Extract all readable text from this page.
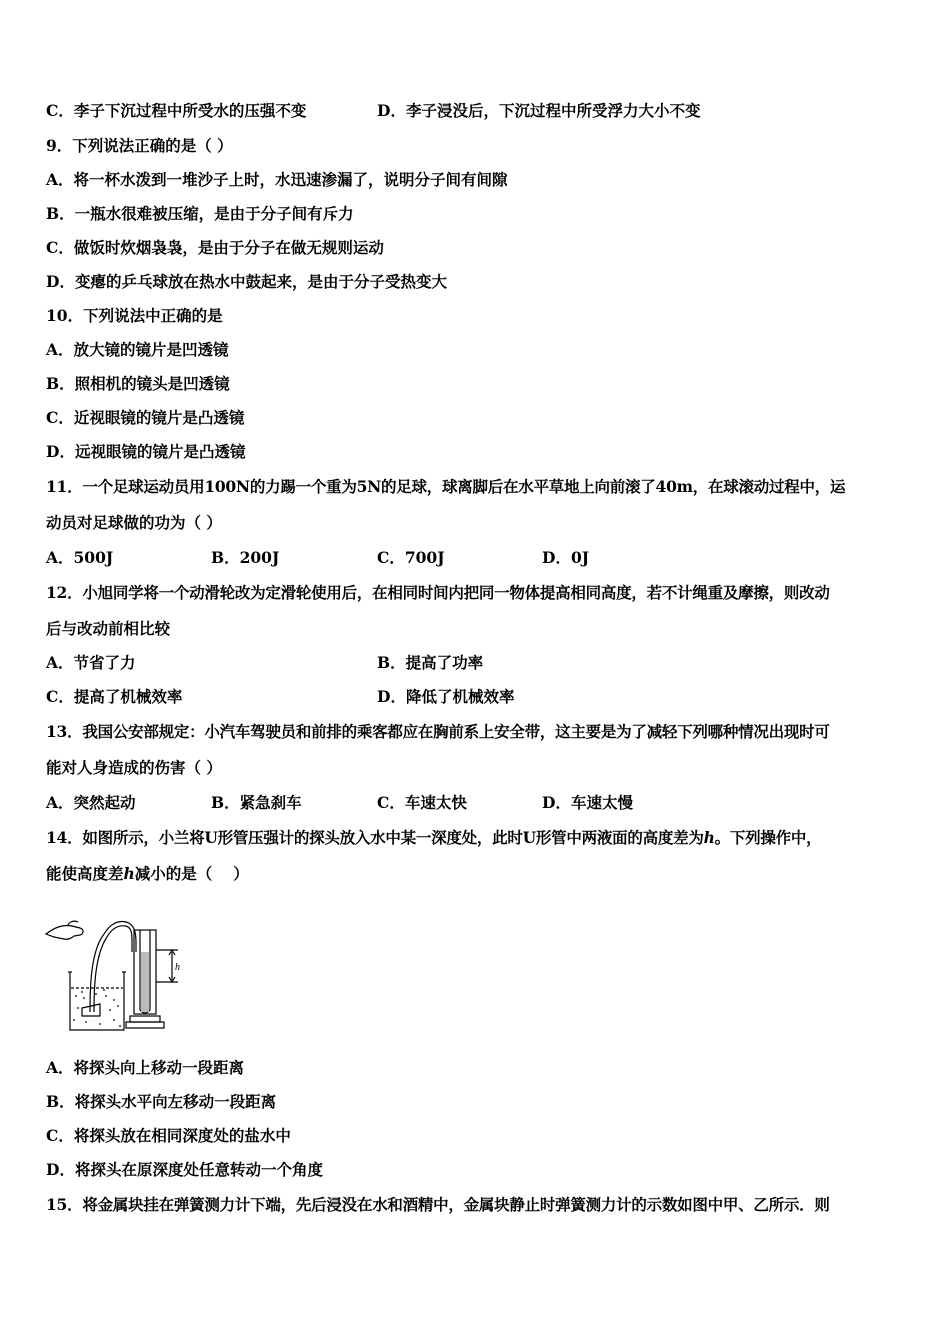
C．李子下沉过程中所受水的压强不变	D．李子浸没后，下沉过程中所受浮力大小不变
9．下列说法正确的是（ ）
A．将一杯水泼到一堆沙子上时，水迅速渗漏了，说明分子间有间隙
B．一瓶水很难被压缩，是由于分子间有斥力
C．做饭时炊烟袅袅，是由于分子在做无规则运动
D．变瘪的乒乓球放在热水中鼓起来，是由于分子受热变大
10．下列说法中正确的是
A．放大镜的镜片是凹透镜
B．照相机的镜头是凹透镜
C．近视眼镜的镜片是凸透镜
D．远视眼镜的镜片是凸透镜
11．一个足球运动员用100N的力踢一个重为5N的足球，球离脚后在水平草地上向前滚了40m，在球滚动过程中，运
动员对足球做的功为（ ）
A．500J	B．200J	C．700J	D．0J
12．小旭同学将一个动滑轮改为定滑轮使用后，在相同时间内把同一物体提高相同高度，若不计绳重及摩擦，则改动
后与改动前相比较
A．节省了力	B．提高了功率
C．提高了机械效率	D．降低了机械效率
13．我国公安部规定：小汽车驾驶员和前排的乘客都应在胸前系上安全带，这主要是为了减轻下列哪种情况出现时可
能对人身造成的伤害（ ）
A．突然起动	B．紧急刹车	C．车速太快	D．车速太慢
14．如图所示，小兰将U形管压强计的探头放入水中某一深度处，此时U形管中两液面的高度差为h。下列操作中，
能使高度差h减小的是（　 ）
h
A．将探头向上移动一段距离
B．将探头水平向左移动一段距离
C．将探头放在相同深度处的盐水中
D．将探头在原深度处任意转动一个角度
15．将金属块挂在弹簧测力计下端，先后浸没在水和酒精中，金属块静止时弹簧测力计的示数如图中甲、乙所示．则
